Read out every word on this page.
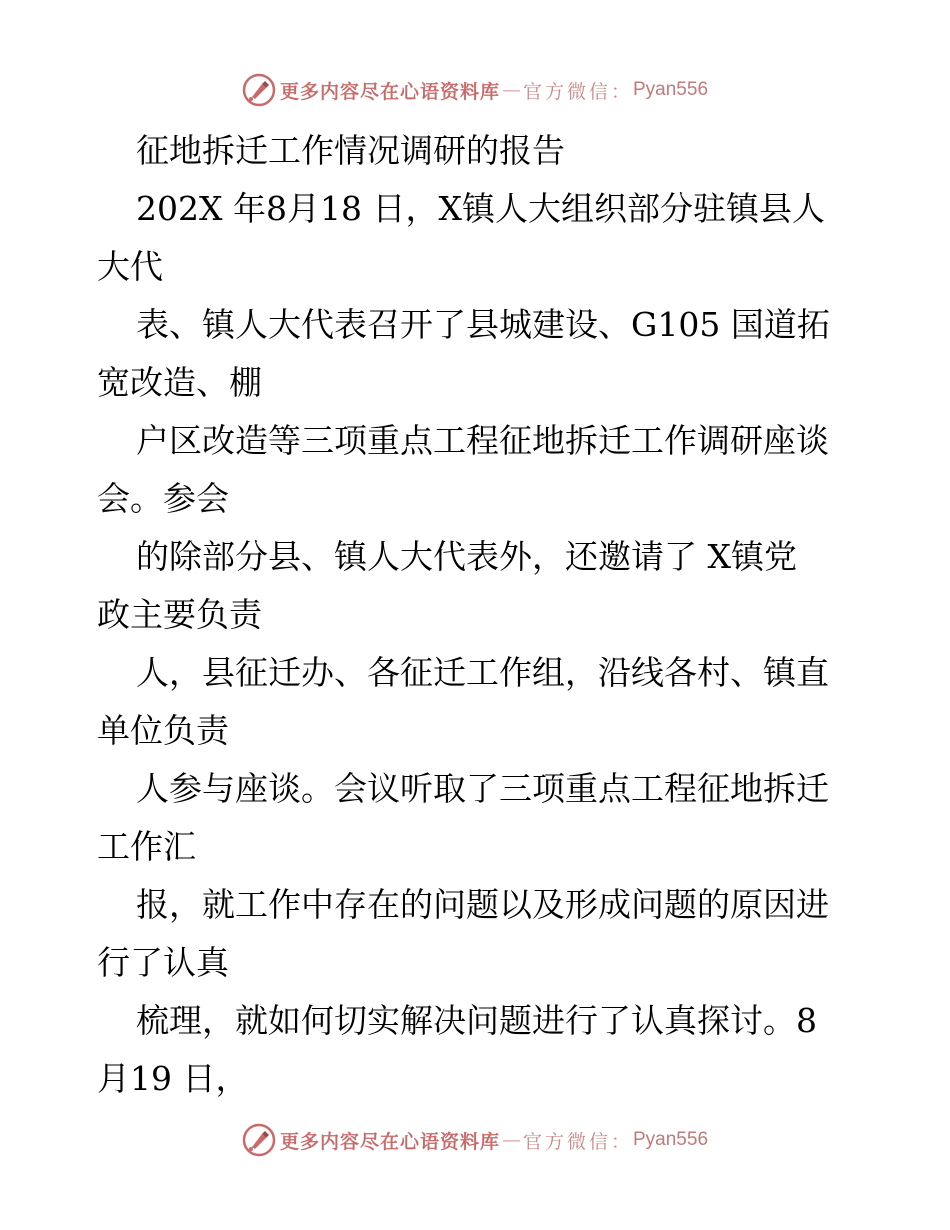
更多内容尽在心语资料库 — 官方微信： Pyan556
征地拆迁工作情况调研的报告
202X 年8月18 日，X镇人大组织部分驻镇县人
大代
表、镇人大代表召开了县城建设、G105 国道拓
宽改造、棚
户区改造等三项重点工程征地拆迁工作调研座谈
会。参会
的除部分县、镇人大代表外，还邀请了 X镇党
政主要负责
人，县征迁办、各征迁工作组，沿线各村、镇直
单位负责
人参与座谈。会议听取了三项重点工程征地拆迁
工作汇
报，就工作中存在的问题以及形成问题的原因进
行了认真
梳理，就如何切实解决问题进行了认真探讨。8
月19 日，
更多内容尽在心语资料库 — 官方微信： Pyan556
